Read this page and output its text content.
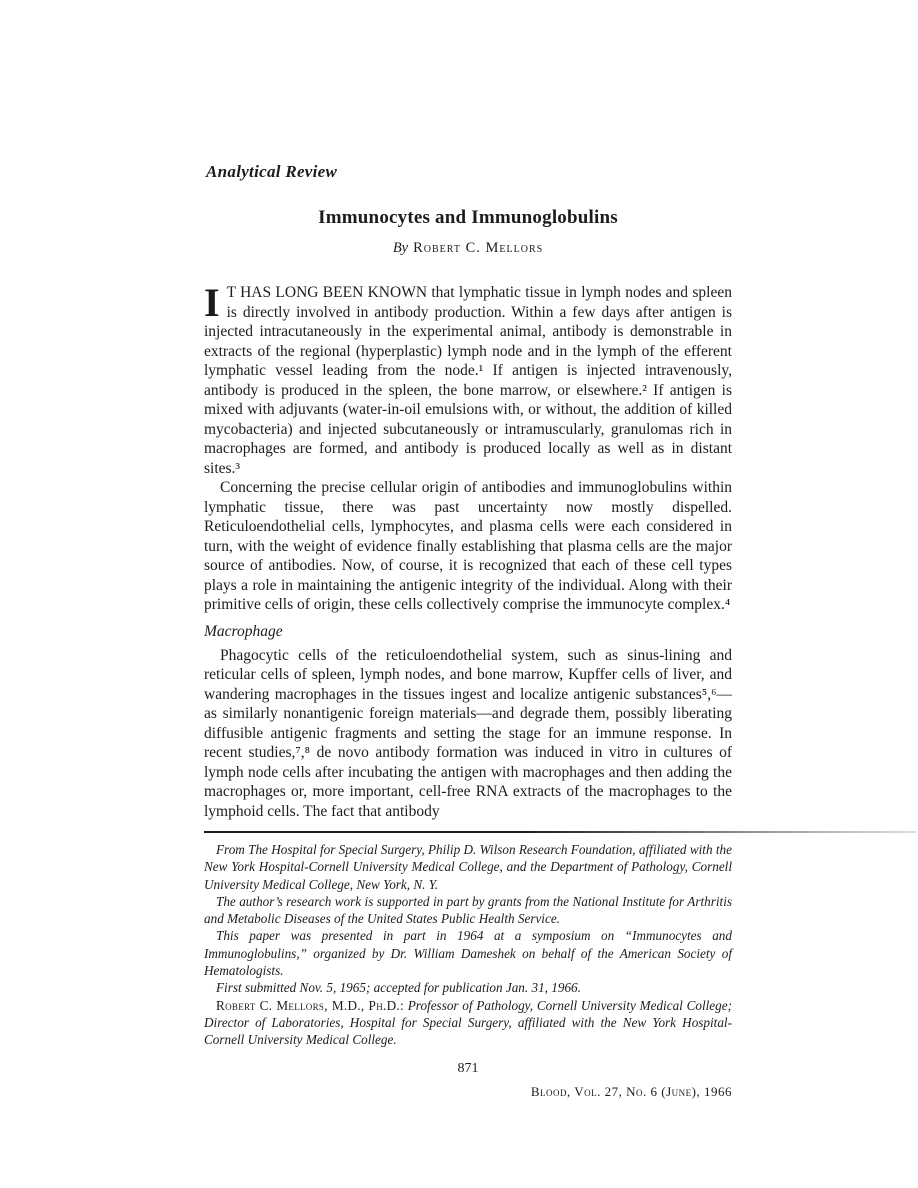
Analytical Review
Immunocytes and Immunoglobulins
By Robert C. Mellors

I T HAS LONG BEEN KNOWN that lymphatic tissue in lymph nodes and spleen is directly involved in antibody production. Within a few days after antigen is injected intracutaneously in the experimental animal, antibody is demonstrable in extracts of the regional (hyperplastic) lymph node and in the lymph of the efferent lymphatic vessel leading from the node.¹ If antigen is injected intravenously, antibody is produced in the spleen, the bone marrow, or elsewhere.² If antigen is mixed with adjuvants (water-in-oil emulsions with, or without, the addition of killed mycobacteria) and injected subcutaneously or intramuscularly, granulomas rich in macrophages are formed, and antibody is produced locally as well as in distant sites.³

Concerning the precise cellular origin of antibodies and immunoglobulins within lymphatic tissue, there was past uncertainty now mostly dispelled. Reticuloendothelial cells, lymphocytes, and plasma cells were each considered in turn, with the weight of evidence finally establishing that plasma cells are the major source of antibodies. Now, of course, it is recognized that each of these cell types plays a role in maintaining the antigenic integrity of the individual. Along with their primitive cells of origin, these cells collectively comprise the immunocyte complex.⁴

Macrophage

Phagocytic cells of the reticuloendothelial system, such as sinus-lining and reticular cells of spleen, lymph nodes, and bone marrow, Kupffer cells of liver, and wandering macrophages in the tissues ingest and localize antigenic substances⁵,⁶—as similarly nonantigenic foreign materials—and degrade them, possibly liberating diffusible antigenic fragments and setting the stage for an immune response. In recent studies,⁷,⁸ de novo antibody formation was induced in vitro in cultures of lymph node cells after incubating the antigen with macrophages and then adding the macrophages or, more important, cell-free RNA extracts of the macrophages to the lymphoid cells. The fact that antibody

From The Hospital for Special Surgery, Philip D. Wilson Research Foundation, affiliated with the New York Hospital-Cornell University Medical College, and the Department of Pathology, Cornell University Medical College, New York, N. Y.

The author’s research work is supported in part by grants from the National Institute for Arthritis and Metabolic Diseases of the United States Public Health Service.

This paper was presented in part in 1964 at a symposium on “Immunocytes and Immunoglobulins,” organized by Dr. William Dameshek on behalf of the American Society of Hematologists.

First submitted Nov. 5, 1965; accepted for publication Jan. 31, 1966.

Robert C. Mellors, M.D., Ph.D.: Professor of Pathology, Cornell University Medical College; Director of Laboratories, Hospital for Special Surgery, affiliated with the New York Hospital-Cornell University Medical College.

871
Blood, Vol. 27, No. 6 (June), 1966
